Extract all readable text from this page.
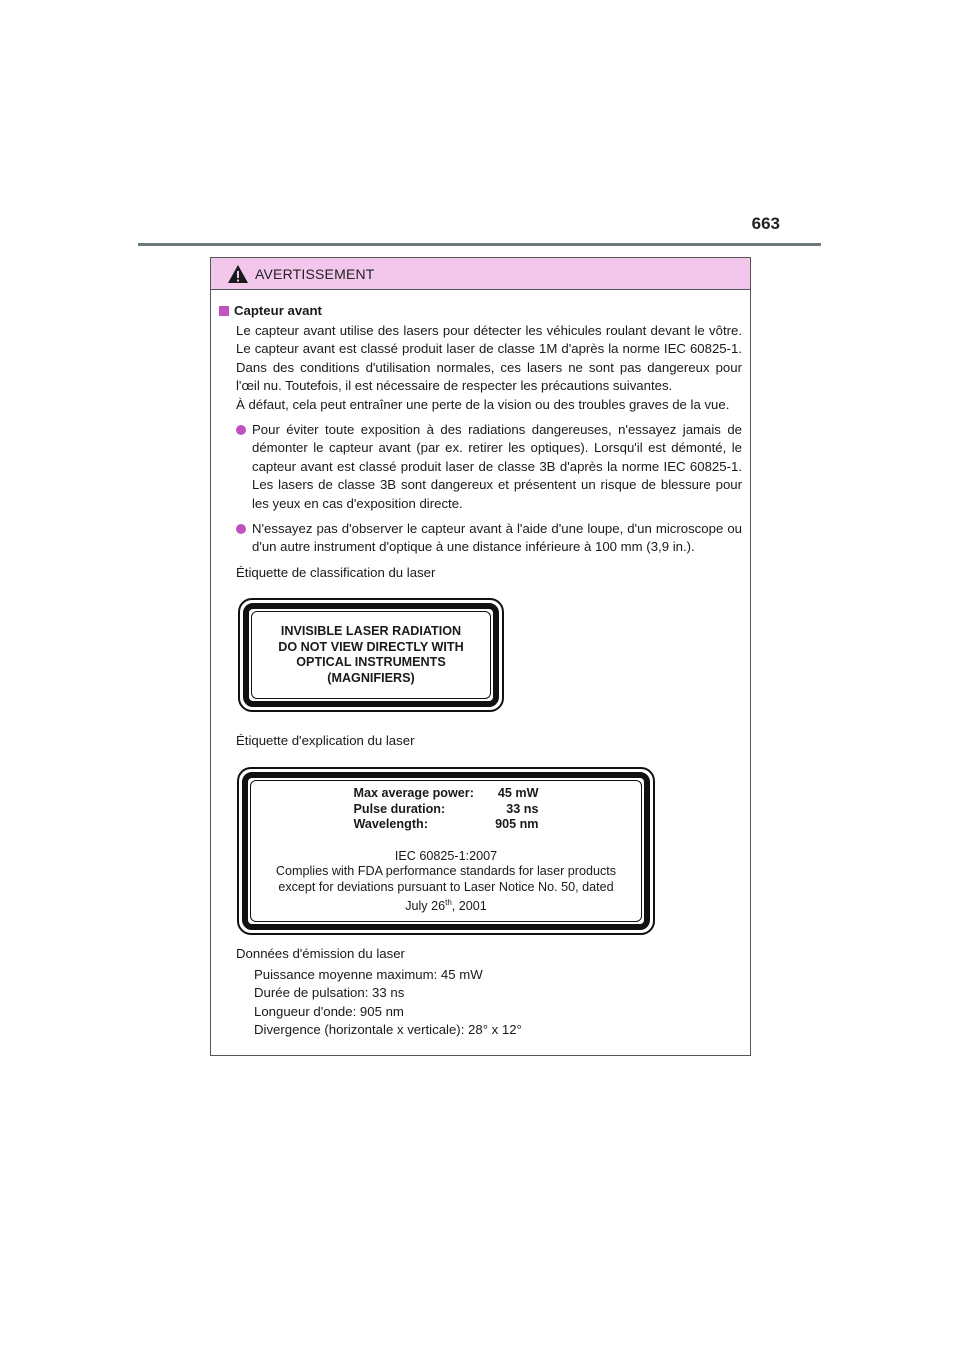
663
AVERTISSEMENT
Capteur avant

Le capteur avant utilise des lasers pour détecter les véhicules roulant devant le vôtre. Le capteur avant est classé produit laser de classe 1M d'après la norme IEC 60825-1. Dans des conditions d'utilisation normales, ces lasers ne sont pas dangereux pour l'œil nu. Toutefois, il est nécessaire de respecter les précautions suivantes.

À défaut, cela peut entraîner une perte de la vision ou des troubles graves de la vue.

Pour éviter toute exposition à des radiations dangereuses, n'essayez jamais de démonter le capteur avant (par ex. retirer les optiques). Lorsqu'il est démonté, le capteur avant est classé produit laser de classe 3B d'après la norme IEC 60825-1. Les lasers de classe 3B sont dangereux et présentent un risque de blessure pour les yeux en cas d'exposition directe.
N'essayez pas d'observer le capteur avant à l'aide d'une loupe, d'un microscope ou d'un autre instrument d'optique à une distance inférieure à 100 mm (3,9 in.).
Étiquette de classification du laser
INVISIBLE LASER RADIATION
DO NOT VIEW DIRECTLY WITH
OPTICAL INSTRUMENTS
(MAGNIFIERS)
Étiquette d'explication du laser
Max average power:	45 mW
Pulse duration:	33 ns
Wavelength:	905 nm
IEC 60825-1:2007
Complies with FDA performance standards for laser products
except for deviations pursuant to Laser Notice No. 50, dated
July 26th, 2001
Données d'émission du laser
Puissance moyenne maximum: 45 mW
Durée de pulsation: 33 ns
Longueur d'onde: 905 nm
Divergence (horizontale x verticale): 28° x 12°
